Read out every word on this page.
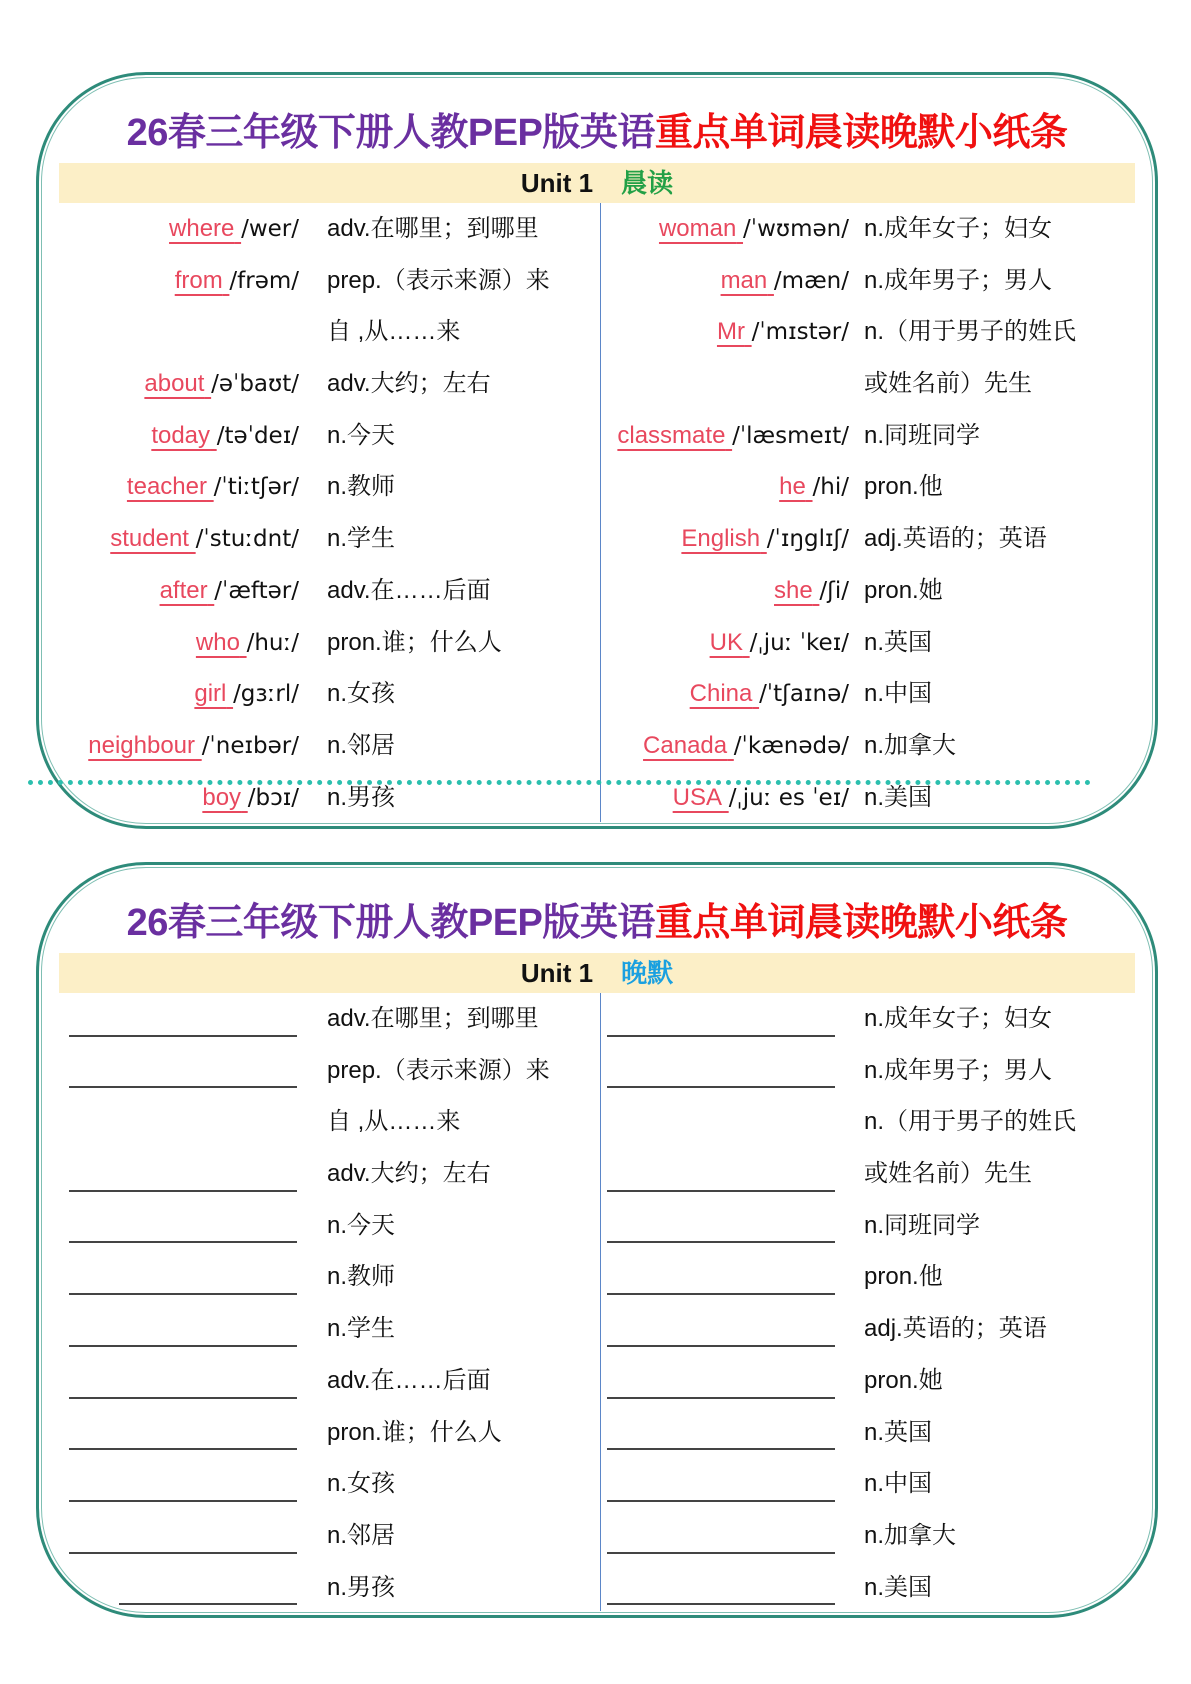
26春三年级下册人教PEP版英语重点单词晨读晚默小纸条
Unit 1 晨读
where /wer/ adv.在哪里；到哪里
from /frəm/ prep.（表示来源）来
自 ,从……来
about /əˈbaʊt/ adv.大约；左右
today /təˈdeɪ/ n.今天
teacher /ˈtiːtʃər/ n.教师
student /ˈstuːdnt/ n.学生
after /ˈæftər/ adv.在……后面
who /huː/ pron.谁；什么人
girl /gɜːrl/ n.女孩
neighbour /ˈneɪbər/ n.邻居
boy /bɔɪ/ n.男孩
woman /ˈwʊmən/ n.成年女子；妇女
man /mæn/ n.成年男子；男人
Mr /ˈmɪstər/ n.（用于男子的姓氏
或姓名前）先生
classmate /ˈlæsmeɪt/ n.同班同学
he /hi/ pron.他
English /ˈɪŋglɪʃ/ adj.英语的；英语
she /ʃi/ pron.她
UK /ˌjuː ˈkeɪ/ n.英国
China /ˈtʃaɪnə/ n.中国
Canada /ˈkænədə/ n.加拿大
USA /ˌjuː es ˈeɪ/ n.美国
26春三年级下册人教PEP版英语重点单词晨读晚默小纸条
Unit 1 晚默
adv.在哪里；到哪里
prep.（表示来源）来
自 ,从……来
adv.大约；左右
n.今天
n.教师
n.学生
adv.在……后面
pron.谁；什么人
n.女孩
n.邻居
n.男孩
n.成年女子；妇女
n.成年男子；男人
n.（用于男子的姓氏
或姓名前）先生
n.同班同学
pron.他
adj.英语的；英语
pron.她
n.英国
n.中国
n.加拿大
n.美国
